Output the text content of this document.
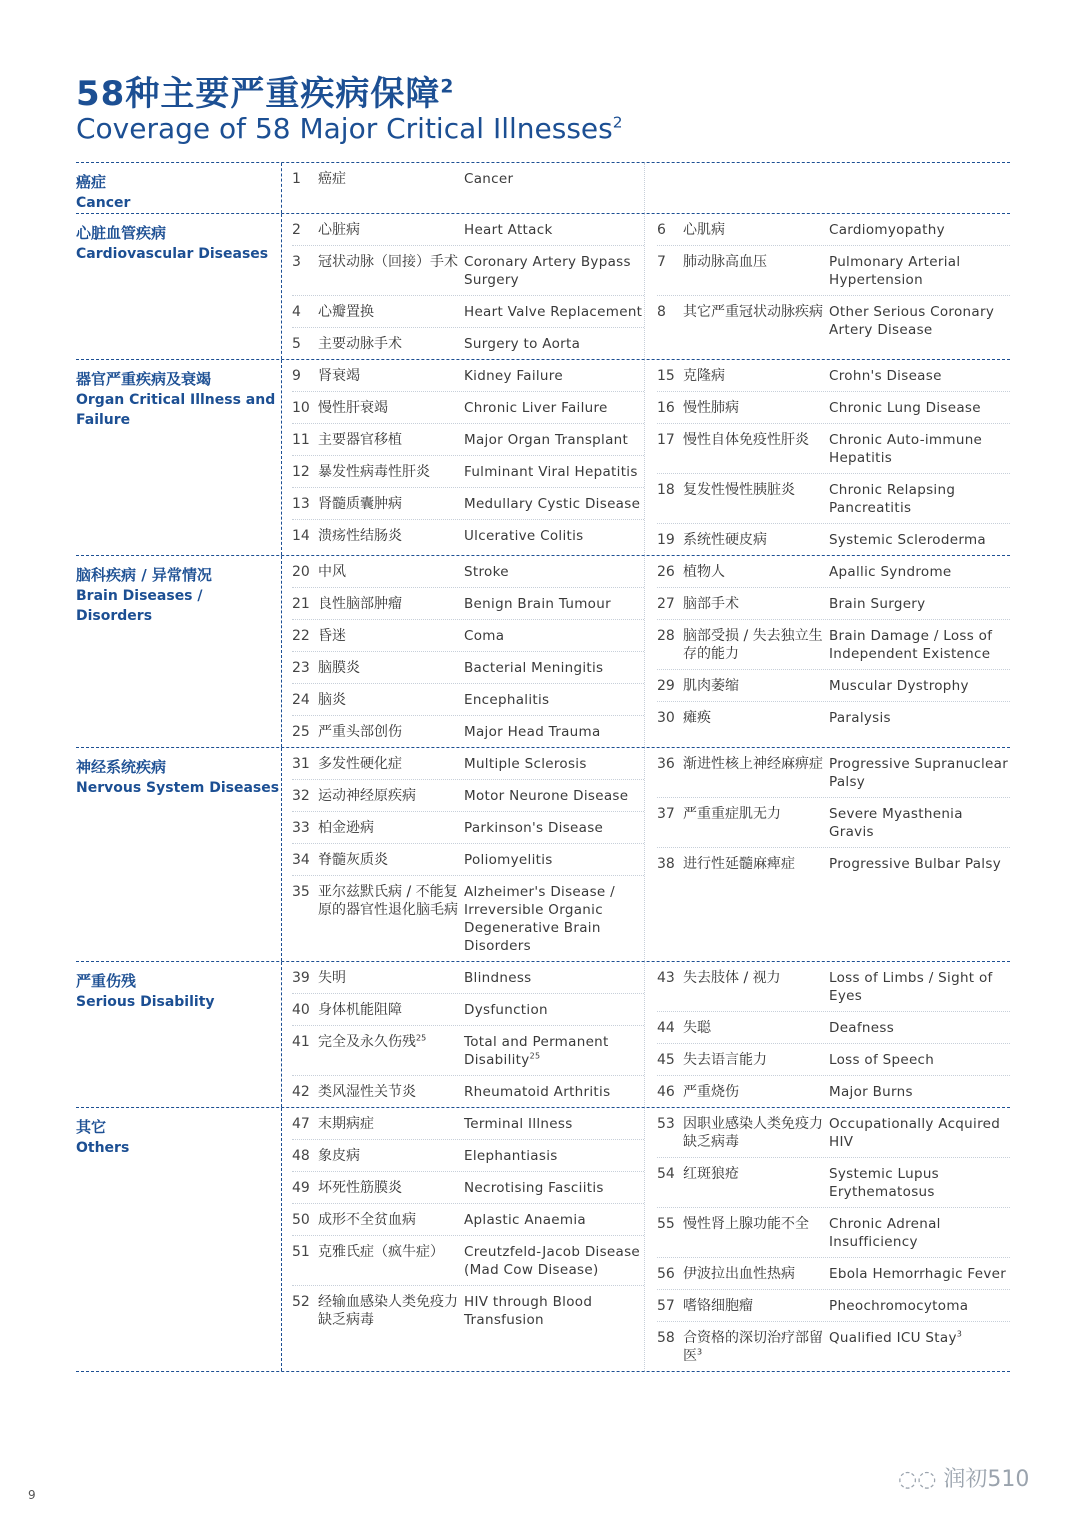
58种主要严重疾病保障$^2$
Coverage of 58 Major Critical Illnesses$^2$
癌症
Cancer
1	癌症	Cancer
心脏血管疾病
Cardiovascular Diseases
2	心脏病	Heart Attack
3	冠状动脉（回接）手术 Coronary Artery Bypass Surgery
4	心瓣置换	Heart Valve Replacement
5	主要动脉手术	Surgery to Aorta
6	心肌病	Cardiomyopathy
7	肺动脉高血压	Pulmonary Arterial Hypertension
8	其它严重冠状动脉疾病 Other Serious Coronary Artery Disease
器官严重疾病及衰竭
Organ Critical Illness and Failure
9	肾衰竭	Kidney Failure
10 慢性肝衰竭	Chronic Liver Failure
11 主要器官移植	Major Organ Transplant
12 暴发性病毒性肝炎	Fulminant Viral Hepatitis
13 肾髓质囊肿病	Medullary Cystic Disease
14 溃疡性结肠炎	Ulcerative Colitis
15 克隆病	Crohn's Disease
16 慢性肺病	Chronic Lung Disease
17 慢性自体免疫性肝炎	Chronic Auto-immune Hepatitis
18 复发性慢性胰脏炎	Chronic Relapsing Pancreatitis
19 系统性硬皮病	Systemic Scleroderma
脑科疾病 / 异常情况
Brain Diseases / Disorders
20 中风	Stroke
21 良性脑部肿瘤	Benign Brain Tumour
22 昏迷	Coma
23 脑膜炎	Bacterial Meningitis
24 脑炎	Encephalitis
25 严重头部创伤	Major Head Trauma
26 植物人	Apallic Syndrome
27 脑部手术	Brain Surgery
28 脑部受损 / 失去独立生存的能力
Brain Damage / Loss of Independent Existence
29 肌肉萎缩	Muscular Dystrophy
30 瘫痪	Paralysis
神经系统疾病
Nervous System Diseases
31 多发性硬化症	Multiple Sclerosis
32 运动神经原疾病	Motor Neurone Disease
33 柏金逊病	Parkinson's Disease
34 脊髓灰质炎	Poliomyelitis
35 亚尔兹默氏病 / 不能复原的器官性退化脑毛病
Alzheimer's Disease / Irreversible Organic Degenerative Brain Disorders
36 渐进性核上神经麻痹症 Progressive Supranuclear Palsy
37 严重重症肌无力	Severe Myasthenia Gravis
38 进行性延髓麻痺症	Progressive Bulbar Palsy
严重伤残
Serious Disability
39 失明	Blindness
40 身体机能阻障	Dysfunction
41 完全及永久伤残$^{25}$	Total and Permanent Disability$^{25}$
42 类风湿性关节炎	Rheumatoid Arthritis
43 失去肢体 / 视力	Loss of Limbs / Sight of Eyes
44 失聪	Deafness
45 失去语言能力	Loss of Speech
46 严重烧伤	Major Burns
其它
Others
47 末期病症	Terminal Illness
48 象皮病	Elephantiasis
49 坏死性筋膜炎	Necrotising Fasciitis
50 成形不全贫血病	Aplastic Anaemia
51 克雅氏症（疯牛症）	Creutzfeld-Jacob Disease (Mad Cow Disease)
52 经输血感染人类免疫力缺乏病毒
HIV through Blood Transfusion
53 因职业感染人类免疫力缺乏病毒
Occupationally Acquired HIV
54 红斑狼疮	Systemic Lupus Erythematosus
55 慢性肾上腺功能不全	Chronic Adrenal Insufficiency
56 伊波拉出血性热病	Ebola Hemorrhagic Fever
57 嗜铬细胞瘤	Pheochromocytoma
58 合资格的深切治疗部留医$^3$
Qualified ICU Stay$^3$
9
◌◌ 润初510
